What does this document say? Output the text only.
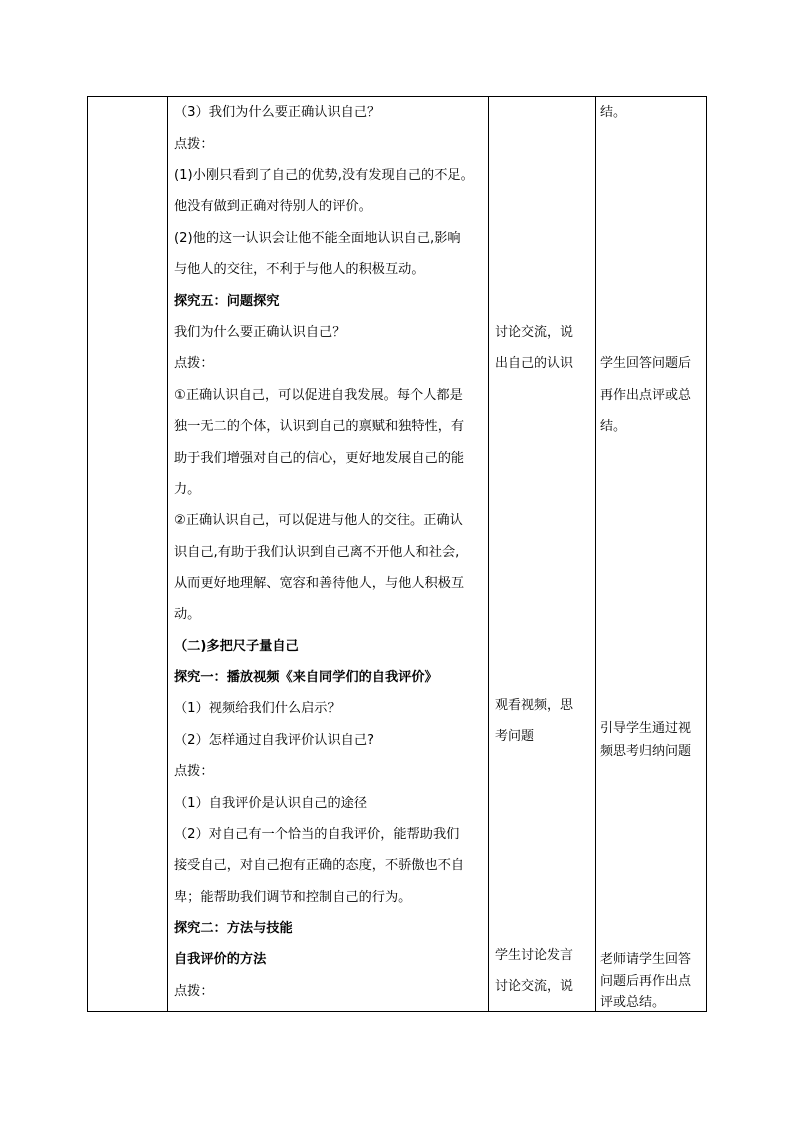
（3）我们为什么要正确认识自己？
点拨：
(1)小刚只看到了自己的优势,没有发现自己的不足。
他没有做到正确对待别人的评价。
(2)他的这一认识会让他不能全面地认识自己,影响
与他人的交往，不利于与他人的积极互动。
探究五：问题探究
我们为什么要正确认识自己？
点拨：
①正确认识自己，可以促进自我发展。每个人都是
独一无二的个体，认识到自己的禀赋和独特性，有
助于我们增强对自己的信心，更好地发展自己的能
力。
②正确认识自己，可以促进与他人的交往。正确认
识自己,有助于我们认识到自己离不开他人和社会,
从而更好地理解、宽容和善待他人，与他人积极互
动。
（二)多把尺子量自己
探究一：播放视频《来自同学们的自我评价》
（1）视频给我们什么启示？
（2）怎样通过自我评价认识自己?
点拨：
（1）自我评价是认识自己的途径
（2）对自己有一个恰当的自我评价，能帮助我们
接受自己，对自己抱有正确的态度，不骄傲也不自
卑；能帮助我们调节和控制自己的行为。
探究二：方法与技能
自我评价的方法
点拨：
讨论交流，说
出自己的认识
观看视频，思
考问题
学生讨论发言
讨论交流，说
结。
学生回答问题后
再作出点评或总
结。
引导学生通过视
频思考归纳问题
老师请学生回答
问题后再作出点
评或总结。
